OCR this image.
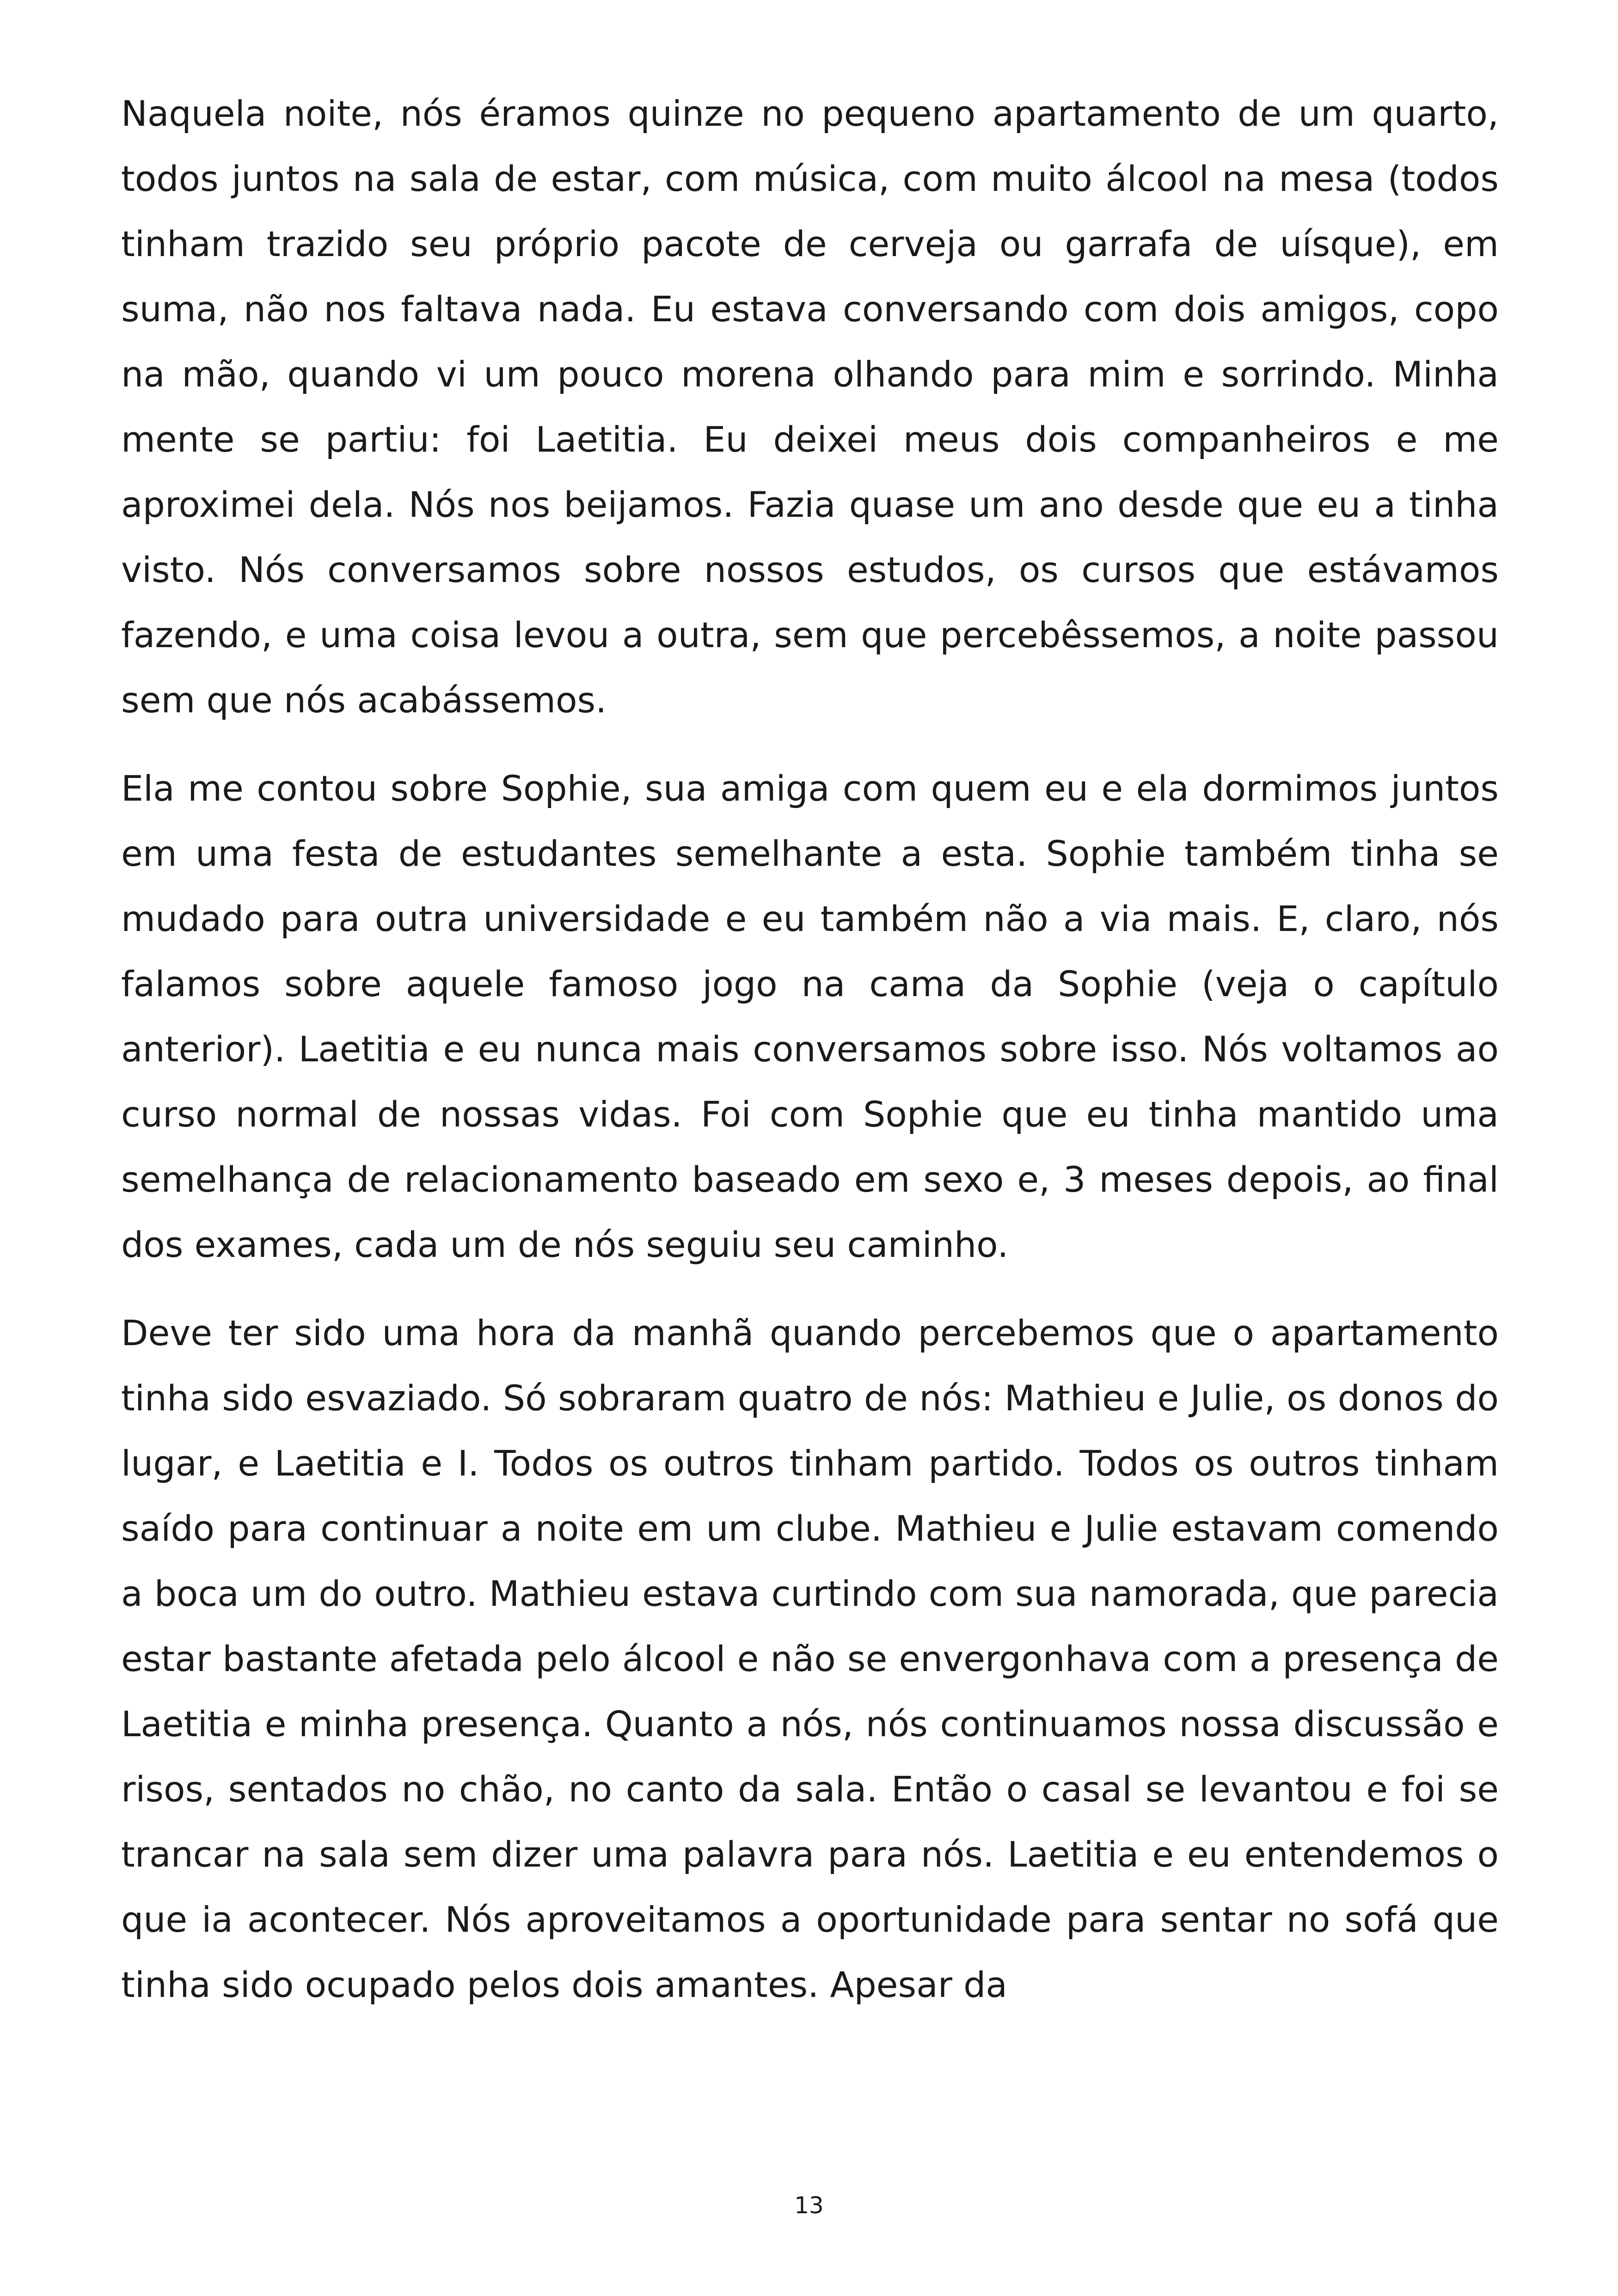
Naquela noite, nós éramos quinze no pequeno apartamento de um quarto, todos juntos na sala de estar, com música, com muito álcool na mesa (todos tinham trazido seu próprio pacote de cerveja ou garrafa de uísque), em suma, não nos faltava nada. Eu estava conversando com dois amigos, copo na mão, quando vi um pouco morena olhando para mim e sorrindo. Minha mente se partiu: foi Laetitia. Eu deixei meus dois companheiros e me aproximei dela. Nós nos beijamos. Fazia quase um ano desde que eu a tinha visto. Nós conversamos sobre nossos estudos, os cursos que estávamos fazendo, e uma coisa levou a outra, sem que percebêssemos, a noite passou sem que nós acabássemos.

Ela me contou sobre Sophie, sua amiga com quem eu e ela dormimos juntos em uma festa de estudantes semelhante a esta. Sophie também tinha se mudado para outra universidade e eu também não a via mais. E, claro, nós falamos sobre aquele famoso jogo na cama da Sophie (veja o capítulo anterior). Laetitia e eu nunca mais conversamos sobre isso. Nós voltamos ao curso normal de nossas vidas. Foi com Sophie que eu tinha mantido uma semelhança de relacionamento baseado em sexo e, 3 meses depois, ao final dos exames, cada um de nós seguiu seu caminho.

Deve ter sido uma hora da manhã quando percebemos que o apartamento tinha sido esvaziado. Só sobraram quatro de nós: Mathieu e Julie, os donos do lugar, e Laetitia e I. Todos os outros tinham partido. Todos os outros tinham saído para continuar a noite em um clube. Mathieu e Julie estavam comendo a boca um do outro. Mathieu estava curtindo com sua namorada, que parecia estar bastante afetada pelo álcool e não se envergonhava com a presença de Laetitia e minha presença. Quanto a nós, nós continuamos nossa discussão e risos, sentados no chão, no canto da sala. Então o casal se levantou e foi se trancar na sala sem dizer uma palavra para nós. Laetitia e eu entendemos o que ia acontecer. Nós aproveitamos a oportunidade para sentar no sofá que tinha sido ocupado pelos dois amantes. Apesar da

13
